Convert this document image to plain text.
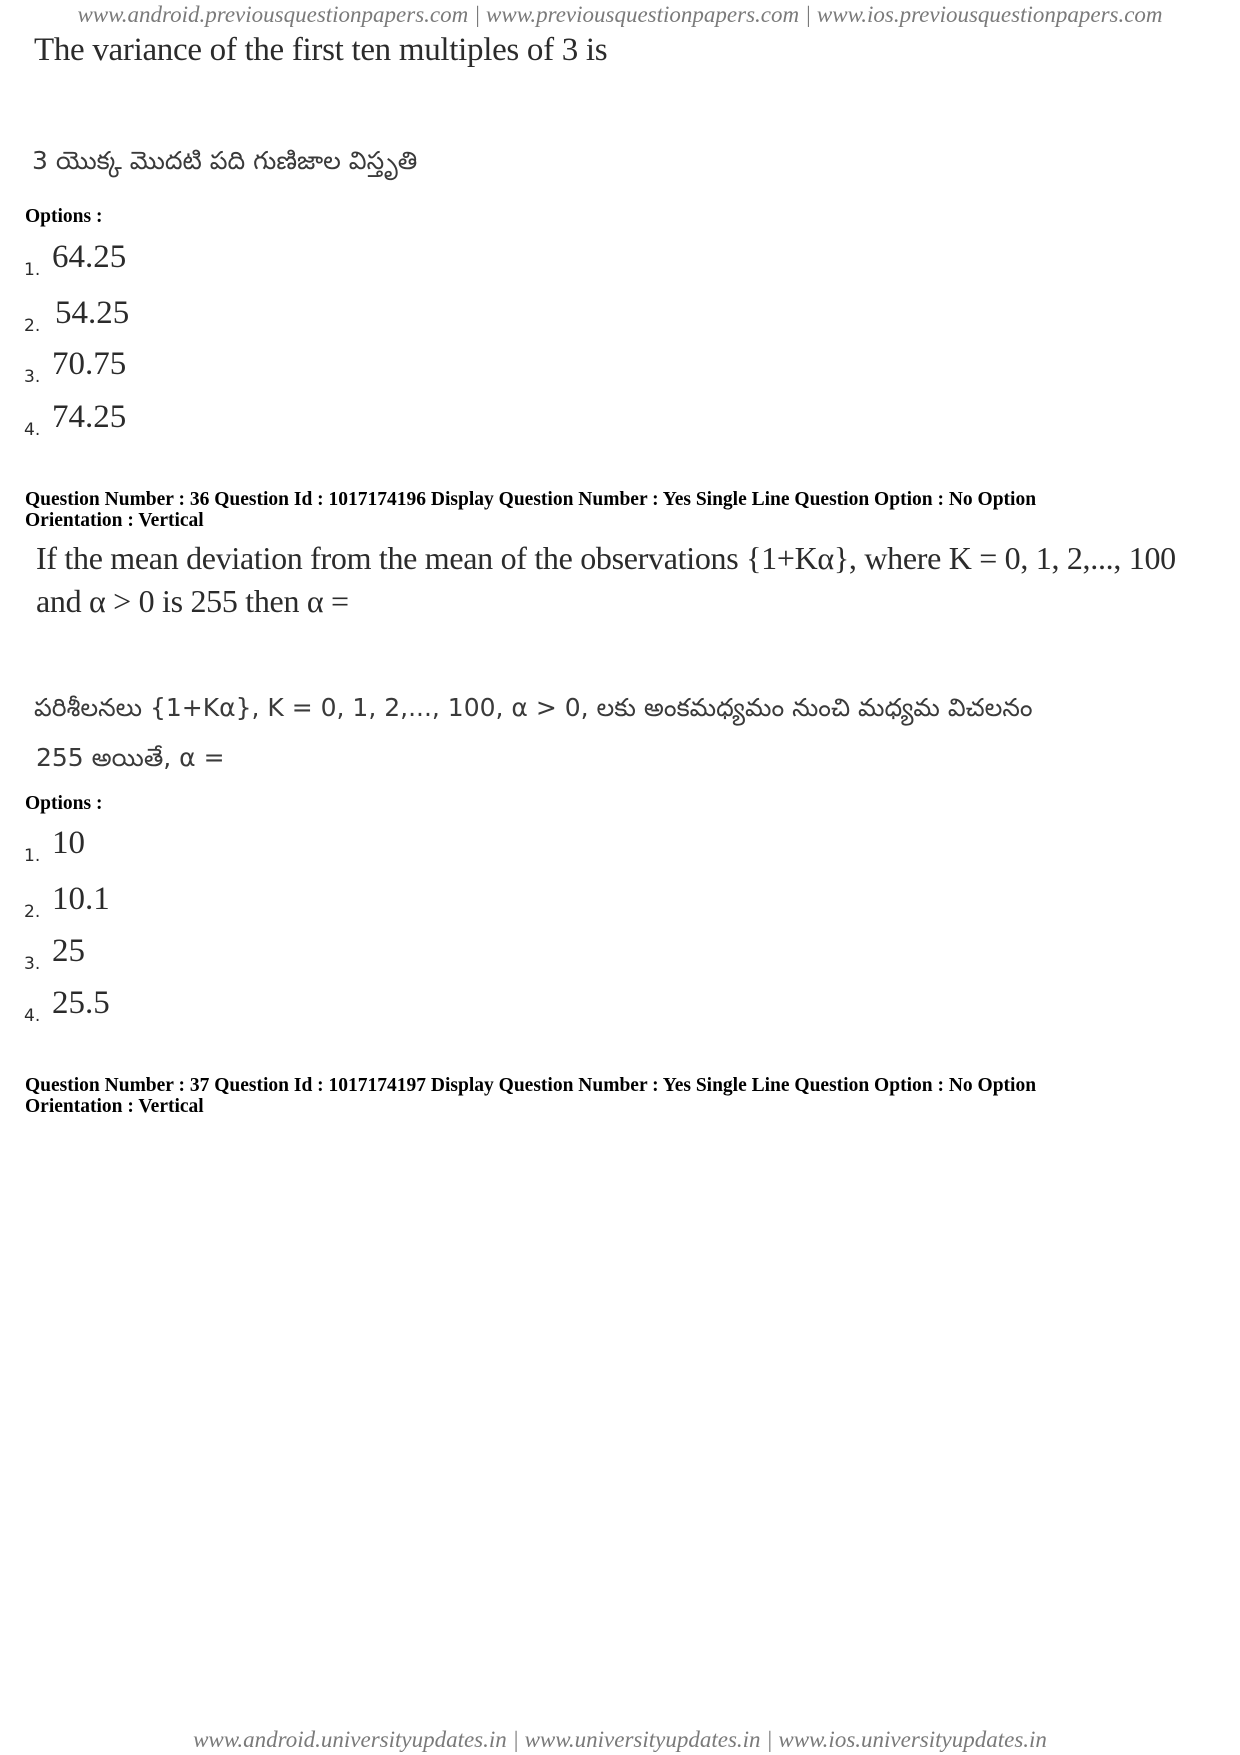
www.android.previousquestionpapers.com | www.previousquestionpapers.com | www.ios.previousquestionpapers.com
The variance of the first ten multiples of 3 is
3 యొక్క మొదటి పది గుణిజాల విస్తృతి
Options :
1. 64.25
2. 54.25
3. 70.75
4. 74.25
Question Number : 36 Question Id : 1017174196 Display Question Number : Yes Single Line Question Option : No Option
Orientation : Vertical
If the mean deviation from the mean of the observations {1+Kα}, where K = 0, 1, 2,..., 100
and α > 0 is 255 then α =
పరిశీలనలు {1+Kα}, K = 0, 1, 2,..., 100, α > 0, లకు అంకమధ్యమం నుంచి మధ్యమ విచలనం
255 అయితే, α =
Options :
1. 10
2. 10.1
3. 25
4. 25.5
Question Number : 37 Question Id : 1017174197 Display Question Number : Yes Single Line Question Option : No Option
Orientation : Vertical
www.android.universityupdates.in | www.universityupdates.in | www.ios.universityupdates.in
